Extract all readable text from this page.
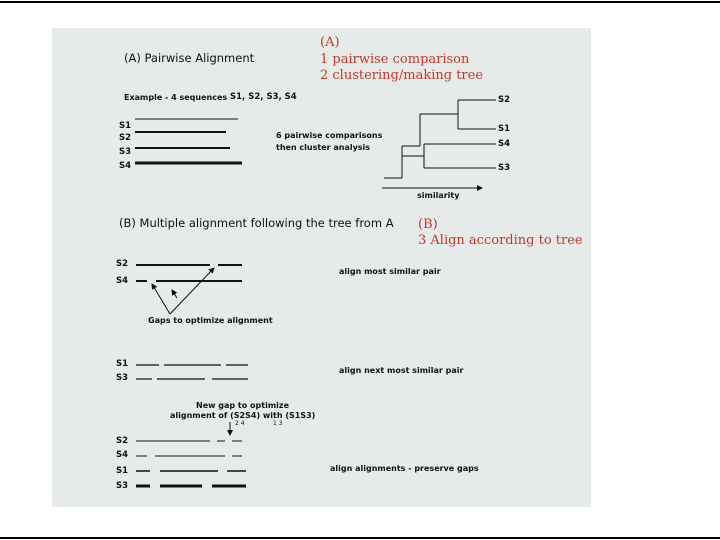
(A) Pairwise Alignment
(A)
1 pairwise comparison
2 clustering/making tree
Example - 4 sequences S1, S2, S3, S4
S1
S2
S3
S4
6 pairwise comparisons
then cluster analysis
S2
S1
S4
S3
similarity
(B) Multiple alignment following the tree from A (B)
3 Align according to tree
S2
S4
align most similar pair
Gaps to optimize alignment
S1
S3
align next most similar pair
New gap to optimize
alignment of (S2S4) with (S1S3)
2 4	1 3
S2
S4
S1
S3
align alignments - preserve gaps
